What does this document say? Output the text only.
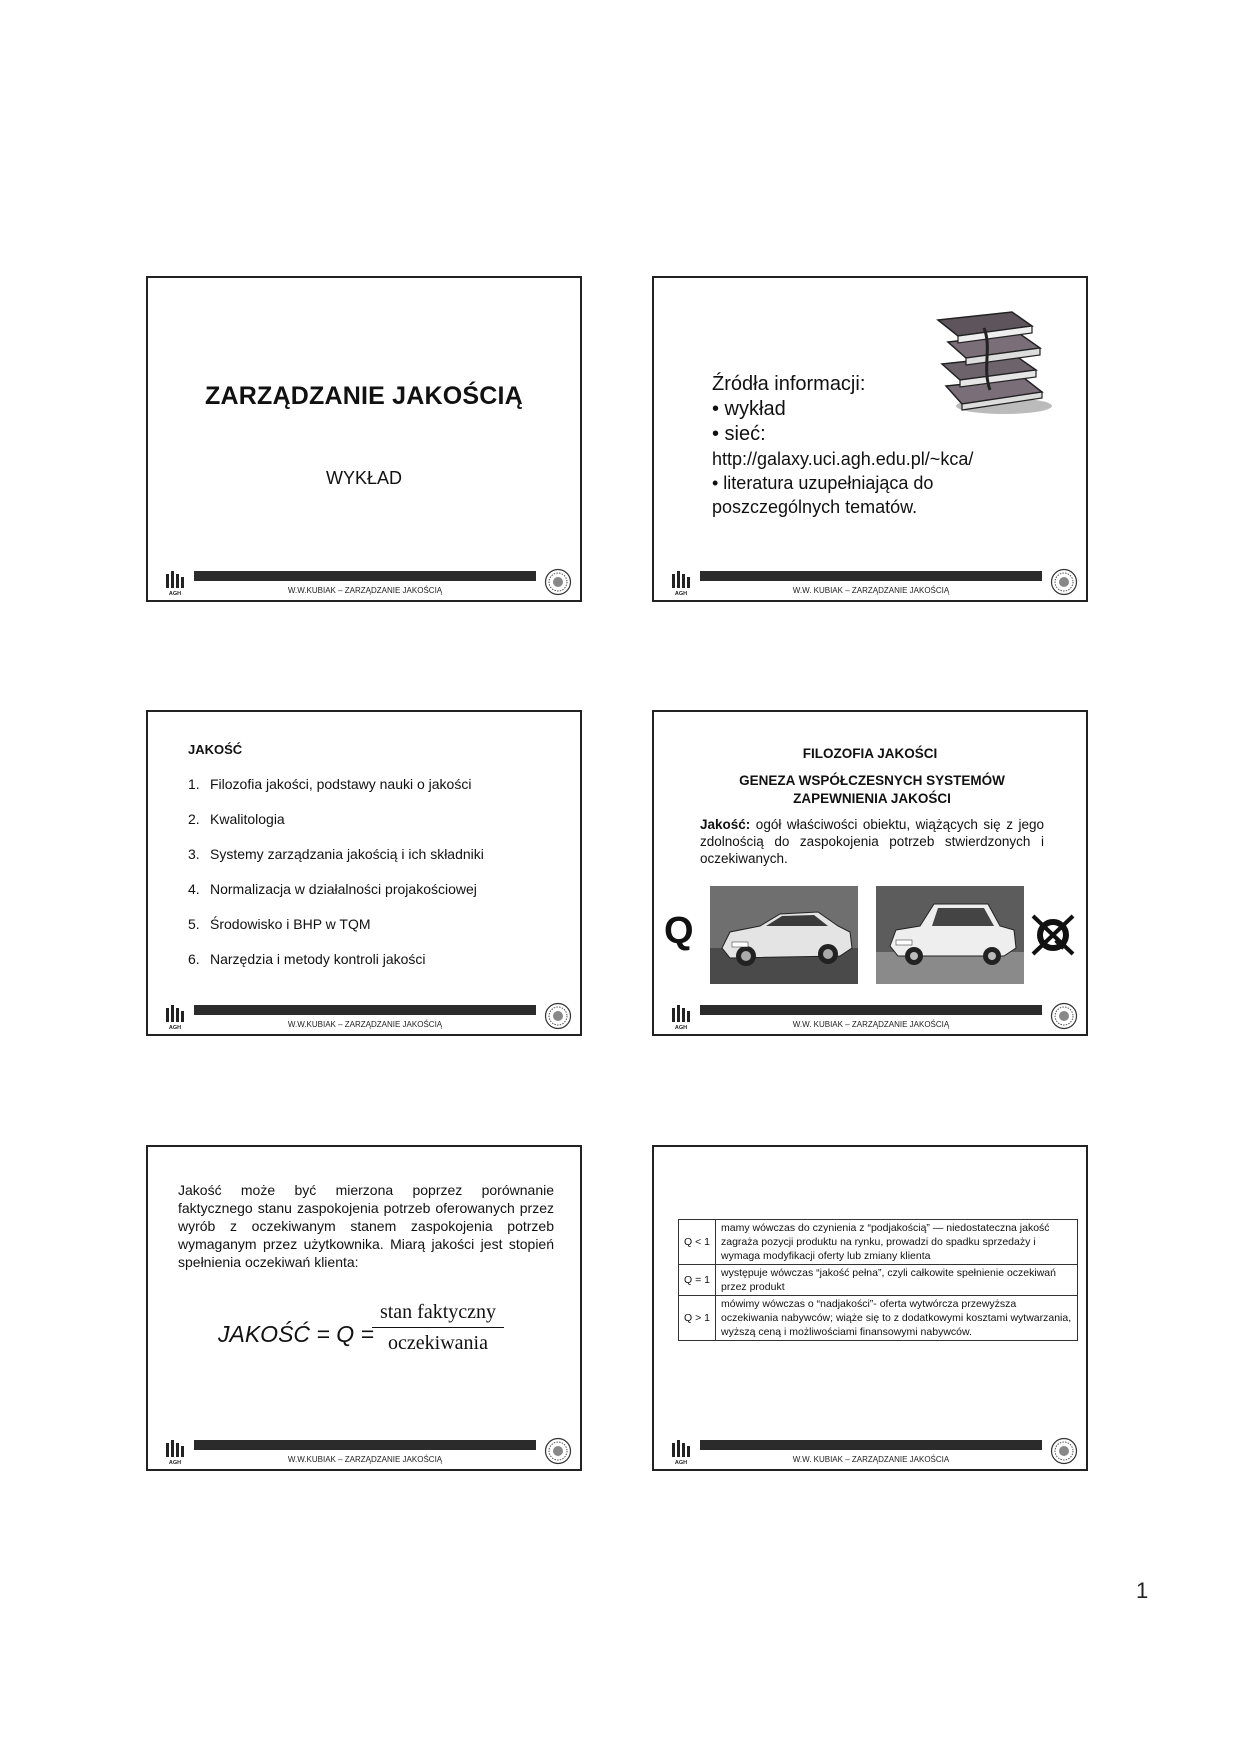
ZARZĄDZANIE JAKOŚCIĄ
WYKŁAD
AGH	W.W.KUBIAK – ZARZĄDZANIE JAKOŚCIĄ
Źródła informacji:
• wykład
• sieć:
http://galaxy.uci.agh.edu.pl/~kca/
• literatura uzupełniająca do
poszczególnych tematów.
AGH	W.W. KUBIAK – ZARZĄDZANIE JAKOŚCIĄ
JAKOŚĆ
1. Filozofia jakości, podstawy nauki o jakości
2. Kwalitologia
3. Systemy zarządzania jakością i ich składniki
4. Normalizacja w działalności projakościowej
5. Środowisko i BHP w TQM
6. Narzędzia i metody kontroli jakości
AGH	W.W.KUBIAK – ZARZĄDZANIE JAKOŚCIĄ
FILOZOFIA JAKOŚCI
GENEZA WSPÓŁCZESNYCH SYSTEMÓW
ZAPEWNIENIA JAKOŚCI
Jakość: ogół właściwości obiektu, wiążących się z jego zdolnością do zaspokojenia potrzeb stwierdzonych i oczekiwanych.
Q
AGH	W.W. KUBIAK – ZARZĄDZANIE JAKOŚCIĄ
Jakość może być mierzona poprzez porównanie faktycznego stanu zaspokojenia potrzeb oferowanych przez wyrób z oczekiwanym stanem zaspokojenia potrzeb wymaganym przez użytkownika. Miarą jakości jest stopień spełnienia oczekiwań klienta:
JAKOŚĆ = Q =
stan faktyczny
oczekiwania
AGH	W.W.KUBIAK – ZARZĄDZANIE JAKOŚCIĄ
Q < 1	mamy wówczas do czynienia z “podjakością” — niedostateczna jakość zagraża pozycji produktu na rynku, prowadzi do spadku sprzedaży i wymaga modyfikacji oferty lub zmiany klienta
Q = 1	występuje wówczas “jakość pełna”, czyli całkowite spełnienie oczekiwań przez produkt
Q > 1	mówimy wówczas o “nadjakości”- oferta wytwórcza przewyższa oczekiwania nabywców; wiąże się to z dodatkowymi kosztami wytwarzania, wyższą ceną i możliwościami finansowymi nabywców.
AGH	W.W. KUBIAK – ZARZĄDZANIE JAKOŚCIA
1
